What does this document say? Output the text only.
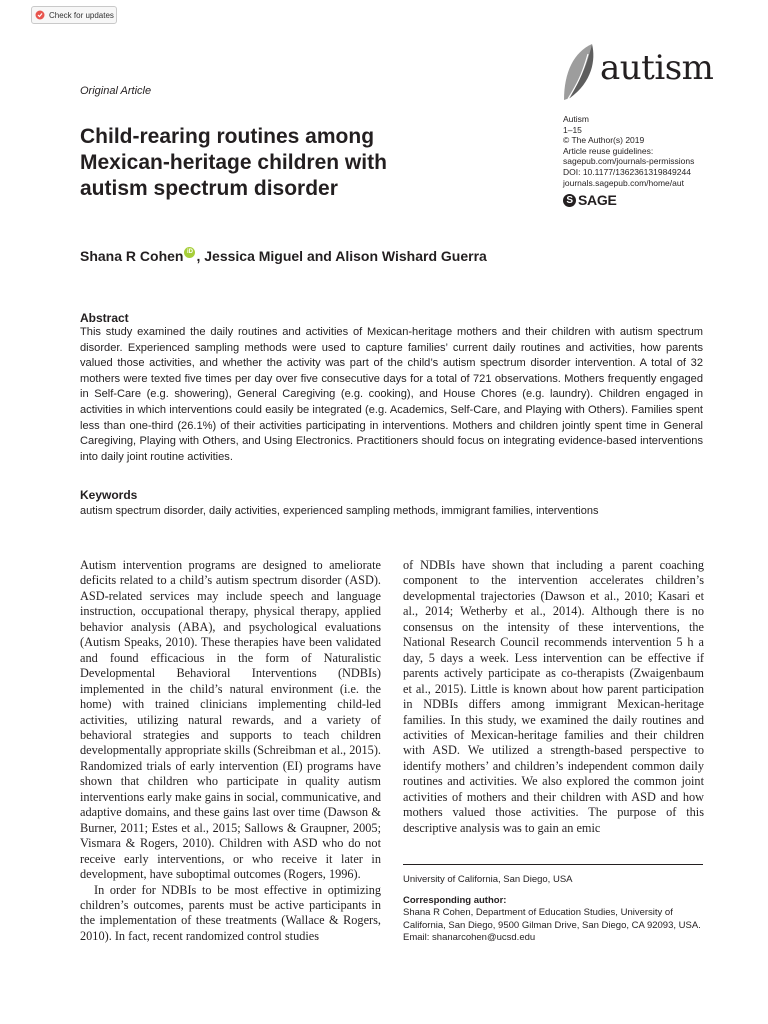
Check for updates
autism
Original Article
Autism
1–15
© The Author(s) 2019
Article reuse guidelines:
sagepub.com/journals-permissions
DOI: 10.1177/1362361319849244
journals.sagepub.com/home/aut
S SAGE
Child-rearing routines among
Mexican-heritage children with
autism spectrum disorder
Shana R Cohen iD , Jessica Miguel and Alison Wishard Guerra
Abstract
This study examined the daily routines and activities of Mexican-heritage mothers and their children with autism spectrum disorder. Experienced sampling methods were used to capture families’ current daily routines and activities, how parents valued those activities, and whether the activity was part of the child’s autism spectrum disorder intervention. A total of 32 mothers were texted five times per day over five consecutive days for a total of 721 observations. Mothers frequently engaged in Self-Care (e.g. showering), General Caregiving (e.g. cooking), and House Chores (e.g. laundry). Children engaged in activities in which interventions could easily be integrated (e.g. Academics, Self-Care, and Playing with Others). Families spent less than one-third (26.1%) of their activities participating in interventions. Mothers and children jointly spent time in General Caregiving, Playing with Others, and Using Electronics. Practitioners should focus on integrating evidence-based interventions into daily joint routine activities.
Keywords
autism spectrum disorder, daily activities, experienced sampling methods, immigrant families, interventions

Autism intervention programs are designed to ameliorate deficits related to a child’s autism spectrum disorder (ASD). ASD-related services may include speech and language instruction, occupational therapy, physical therapy, applied behavior analysis (ABA), and psychological evaluations (Autism Speaks, 2010). These therapies have been validated and found efficacious in the form of Naturalistic Developmental Behavioral Interventions (NDBIs) implemented in the child’s natural environment (i.e. the home) with trained clinicians implementing child-led activities, utilizing natural rewards, and a variety of behavioral strategies and supports to teach children developmentally appropriate skills (Schreibman et al., 2015). Randomized trials of early intervention (EI) programs have shown that children who participate in quality autism interventions early make gains in social, communicative, and adaptive domains, and these gains last over time (Dawson & Burner, 2011; Estes et al., 2015; Sallows & Graupner, 2005; Vismara & Rogers, 2010). Children with ASD who do not receive early interventions, or who receive it later in development, have suboptimal outcomes (Rogers, 1996).

In order for NDBIs to be most effective in optimizing children’s outcomes, parents must be active participants in the implementation of these treatments (Wallace & Rogers, 2010). In fact, recent randomized control studies

of NDBIs have shown that including a parent coaching component to the intervention accelerates children’s developmental trajectories (Dawson et al., 2010; Kasari et al., 2014; Wetherby et al., 2014). Although there is no consensus on the intensity of these interventions, the National Research Council recommends intervention 5 h a day, 5 days a week. Less intervention can be effective if parents actively participate as co-therapists (Zwaigenbaum et al., 2015). Little is known about how parent participation in NDBIs differs among immigrant Mexican-heritage families. In this study, we examined the daily routines and activities of Mexican-heritage families and their children with ASD. We utilized a strength-based perspective to identify mothers’ and children’s independent common daily routines and activities. We also explored the common joint activities of mothers and their children with ASD and how mothers valued those activities. The purpose of this descriptive analysis was to gain an emic

University of California, San Diego, USA
Corresponding author:
Shana R Cohen, Department of Education Studies, University of California, San Diego, 9500 Gilman Drive, San Diego, CA 92093, USA.
Email: shanarcohen@ucsd.edu
